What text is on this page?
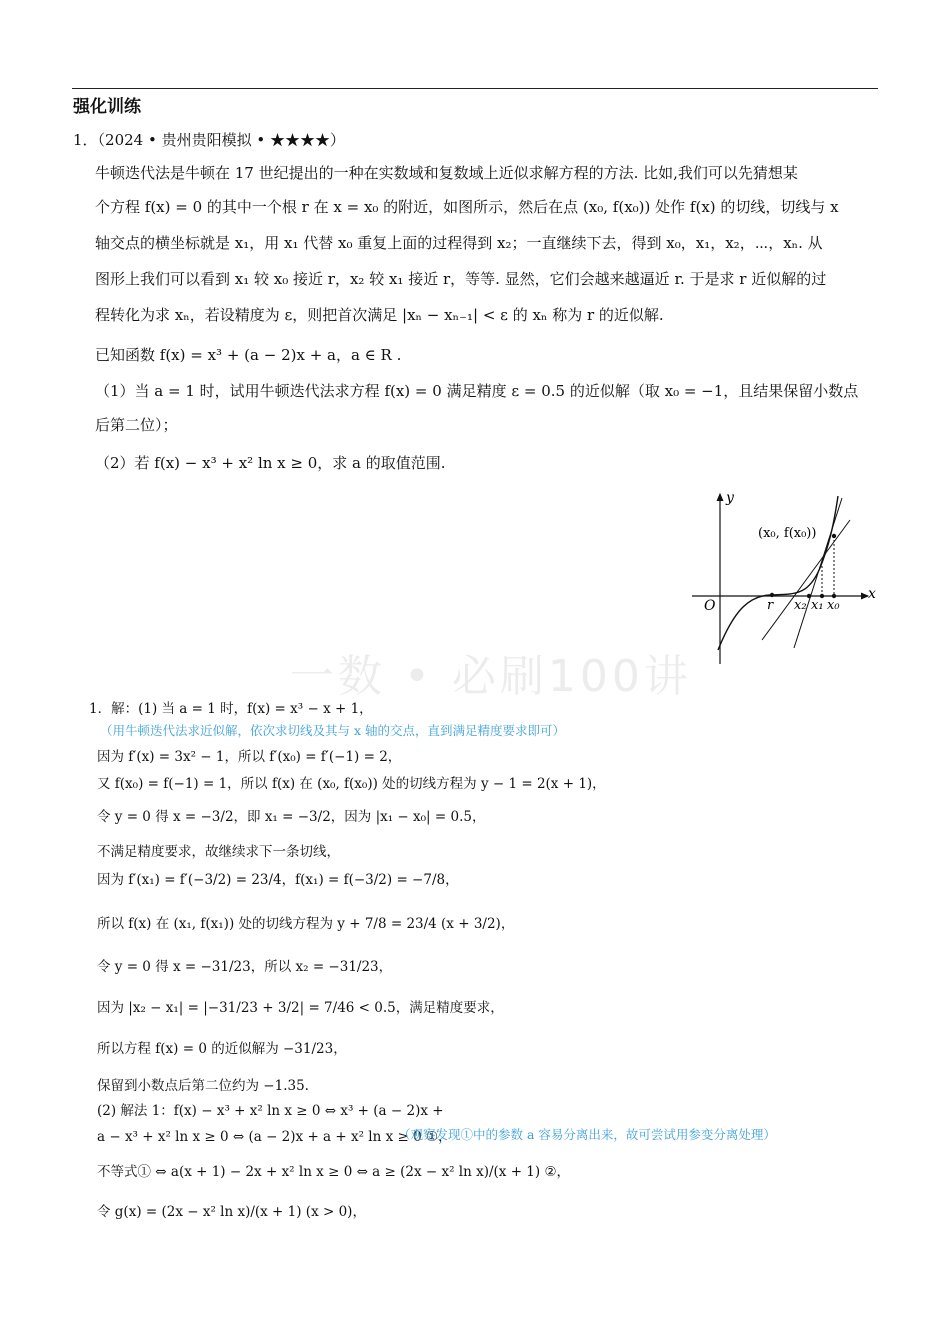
强化训练
1．（2024 • 贵州贵阳模拟 • ★★★★）
牛顿迭代法是牛顿在 17 世纪提出的一种在实数域和复数域上近似求解方程的方法. 比如,我们可以先猜想某
个方程 f(x) = 0 的其中一个根 r 在 x = x₀ 的附近，如图所示，然后在点 (x₀, f(x₀)) 处作 f(x) 的切线，切线与 x
轴交点的横坐标就是 x₁，用 x₁ 代替 x₀ 重复上面的过程得到 x₂；一直继续下去，得到 x₀，x₁，x₂，⋯，xₙ. 从
图形上我们可以看到 x₁ 较 x₀ 接近 r，x₂ 较 x₁ 接近 r，等等. 显然，它们会越来越逼近 r. 于是求 r 近似解的过
程转化为求 xₙ，若设精度为 ε，则把首次满足 |xₙ − xₙ₋₁| < ε 的 xₙ 称为 r 的近似解.
已知函数 f(x) = x³ + (a − 2)x + a，a ∈ R .
（1）当 a = 1 时，试用牛顿迭代法求方程 f(x) = 0 满足精度 ε = 0.5 的近似解（取 x₀ = −1，且结果保留小数点
后第二位）；
（2）若 f(x) − x³ + x² ln x ≥ 0，求 a 的取值范围.
x
y
O
(x₀, f(x₀))
r x₂ x₁ x₀
一数 • 必刷100讲
1．解：(1) 当 a = 1 时，f(x) = x³ − x + 1，
（用牛顿迭代法求近似解，依次求切线及其与 x 轴的交点，直到满足精度要求即可）
因为 f′(x) = 3x² − 1，所以 f′(x₀) = f′(−1) = 2，
又 f(x₀) = f(−1) = 1，所以 f(x) 在 (x₀, f(x₀)) 处的切线方程为 y − 1 = 2(x + 1)，
令 y = 0 得 x = −3/2，即 x₁ = −3/2，因为 |x₁ − x₀| = 0.5，
不满足精度要求，故继续求下一条切线，
因为 f′(x₁) = f′(−3/2) = 23/4，f(x₁) = f(−3/2) = −7/8，
所以 f(x) 在 (x₁, f(x₁)) 处的切线方程为 y + 7/8 = 23/4 (x + 3/2)，
令 y = 0 得 x = −31/23，所以 x₂ = −31/23，
因为 |x₂ − x₁| = |−31/23 + 3/2| = 7/46 < 0.5，满足精度要求，
所以方程 f(x) = 0 的近似解为 −31/23，
保留到小数点后第二位约为 −1.35.
(2) 解法 1：f(x) − x³ + x² ln x ≥ 0 ⇔ x³ + (a − 2)x +
a − x³ + x² ln x ≥ 0 ⇔ (a − 2)x + a + x² ln x ≥ 0 ①，
（观察发现①中的参数 a 容易分离出来，故可尝试用参变分离处理）
不等式① ⇔ a(x + 1) − 2x + x² ln x ≥ 0 ⇔ a ≥ (2x − x² ln x)/(x + 1) ②，
令 g(x) = (2x − x² ln x)/(x + 1) (x > 0)，
